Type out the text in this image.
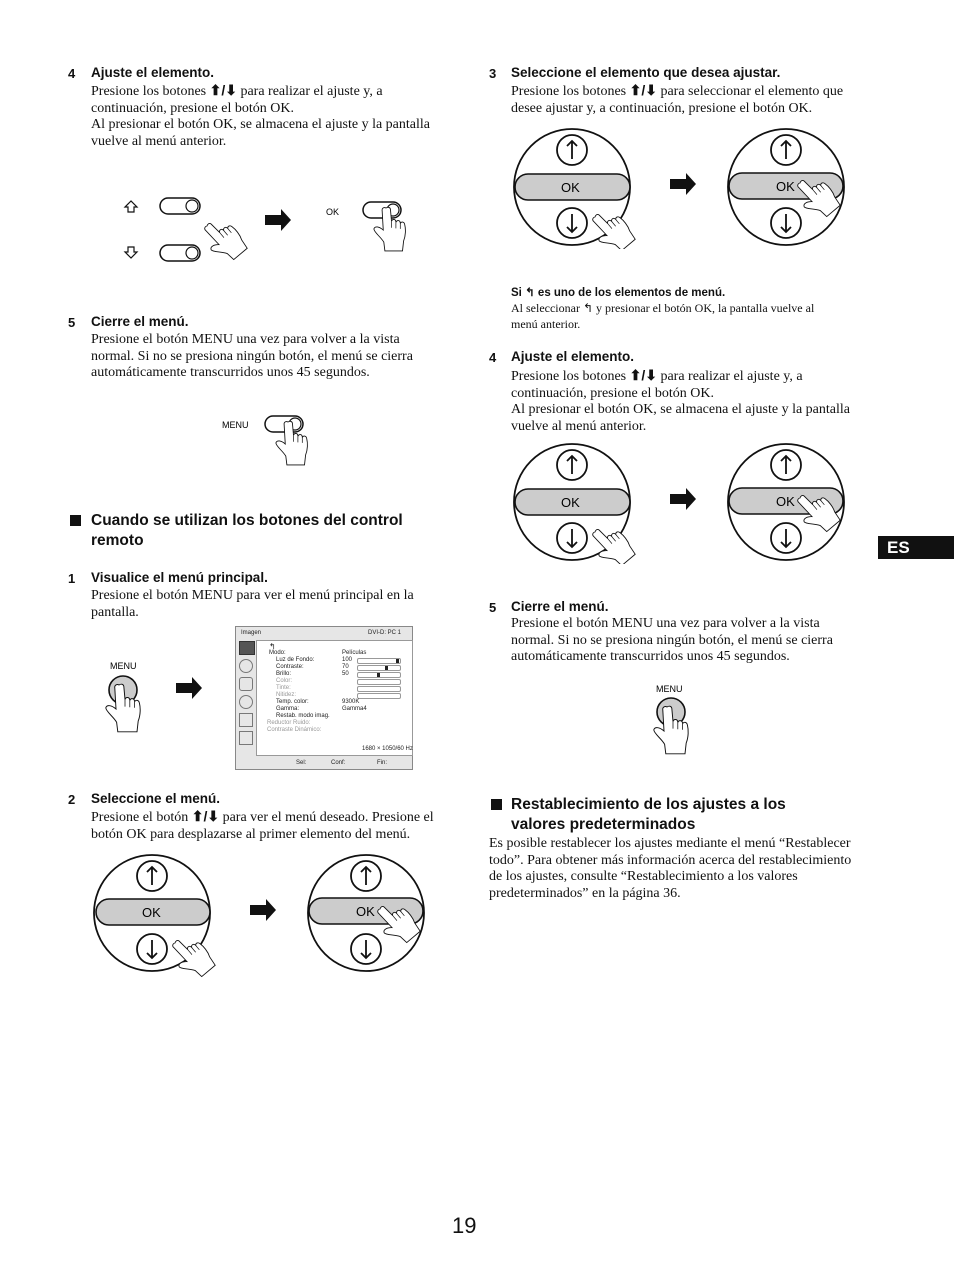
4 Ajuste el elemento.
Presione los botones ⬆/⬇ para realizar el ajuste y, a
continuación, presione el botón OK.
Al presionar el botón OK, se almacena el ajuste y la pantalla
vuelve al menú anterior.
OK
5 Cierre el menú.
Presione el botón MENU una vez para volver a la vista
normal. Si no se presiona ningún botón, el menú se cierra
automáticamente transcurridos unos 45 segundos.
MENU
Cuando se utilizan los botones del control
remoto
1 Visualice el menú principal.
Presione el botón MENU para ver el menú principal en la
pantalla.
MENU
Imagen	DVI-D: PC 1
↰
Modo:	Películas
Luz de Fondo:	100
Contraste:	70
Brillo:	50
Color:
Tinte:
Nitidez:
Temp. color:	9300K
Gamma:	Gamma4
Restab. modo imag.
Reductor Ruido:
Contraste Dinámico:
1680 × 1050/60 Hz
Sel:	Conf:	Fin:
2 Seleccione el menú.
Presione el botón ⬆/⬇ para ver el menú deseado. Presione el
botón OK para desplazarse al primer elemento del menú.
OK	OK
3 Seleccione el elemento que desea ajustar.
Presione los botones ⬆/⬇ para seleccionar el elemento que
desee ajustar y, a continuación, presione el botón OK.
OK	OK
Si ↰ es uno de los elementos de menú.
Al seleccionar ↰ y presionar el botón OK, la pantalla vuelve al
menú anterior.
4 Ajuste el elemento.
Presione los botones ⬆/⬇ para realizar el ajuste y, a
continuación, presione el botón OK.
Al presionar el botón OK, se almacena el ajuste y la pantalla
vuelve al menú anterior.
OK	OK
5 Cierre el menú.
Presione el botón MENU una vez para volver a la vista
normal. Si no se presiona ningún botón, el menú se cierra
automáticamente transcurridos unos 45 segundos.
MENU
Restablecimiento de los ajustes a los
valores predeterminados
Es posible restablecer los ajustes mediante el menú “Restablecer
todo”. Para obtener más información acerca del restablecimiento
de los ajustes, consulte “Restablecimiento a los valores
predeterminados” en la página 36.
ES
19
